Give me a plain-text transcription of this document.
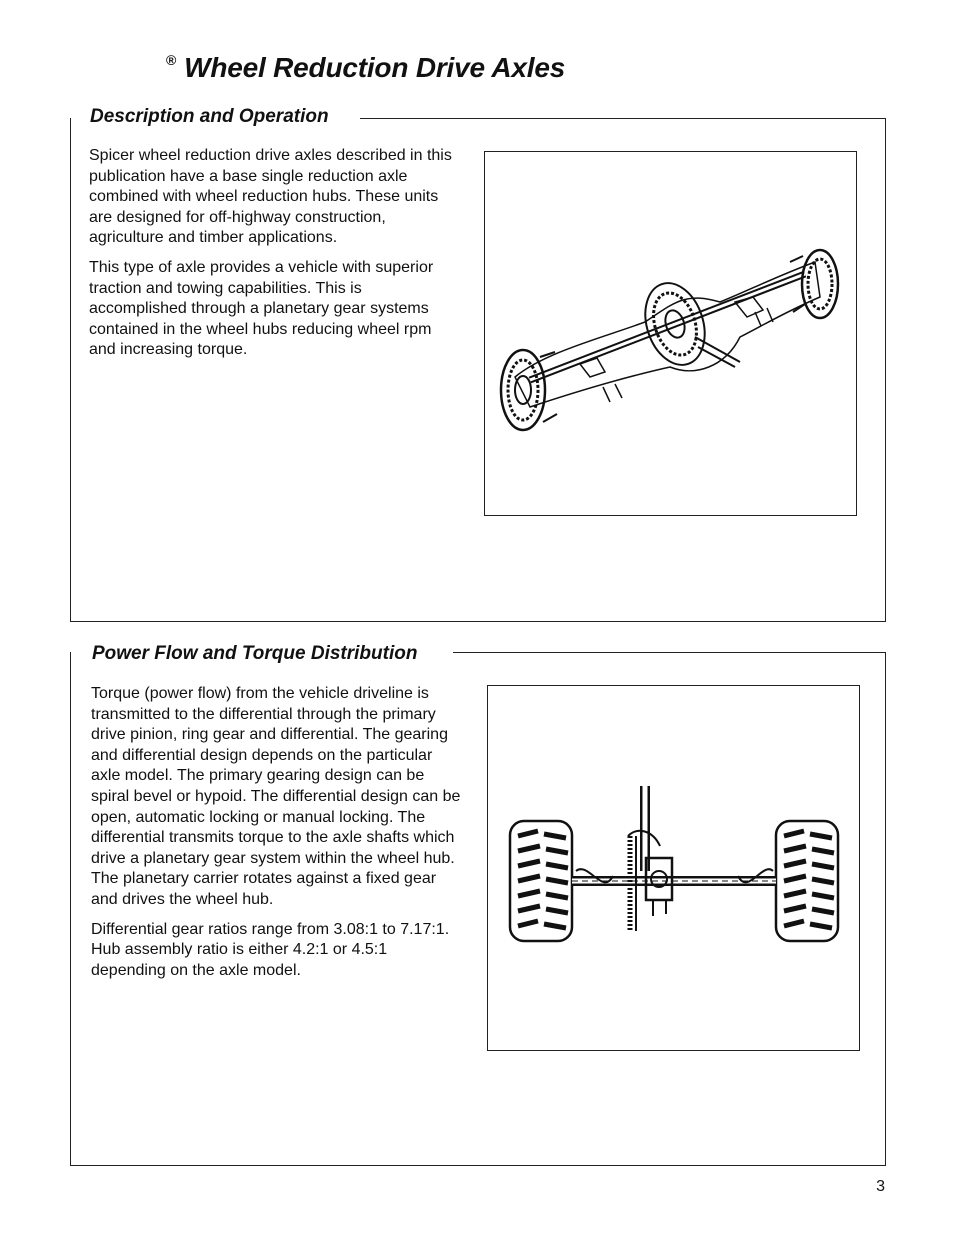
® Wheel Reduction Drive Axles
Description and Operation

Spicer wheel reduction drive axles described in this publication have a base single reduction axle combined with wheel reduction hubs. These units are designed for off-highway construction, agriculture and timber applications.

This type of axle provides a vehicle with superior traction and towing capabilities. This is accomplished through a planetary gear systems contained in the wheel hubs reducing wheel rpm and increasing torque.

Power Flow and Torque Distribution

Torque (power flow) from the vehicle driveline is transmitted to the differential through the primary drive pinion, ring gear and differential. The gearing and differential design depends on the particular axle model. The primary gearing design can be spiral bevel or hypoid. The differential design can be open, automatic locking or manual locking. The differential transmits torque to the axle shafts which drive a planetary gear system within the wheel hub. The planetary carrier rotates against a fixed gear and drives the wheel hub.

Differential gear ratios range from 3.08:1 to 7.17:1. Hub assembly ratio is either 4.2:1 or 4.5:1 depending on the axle model.

3
